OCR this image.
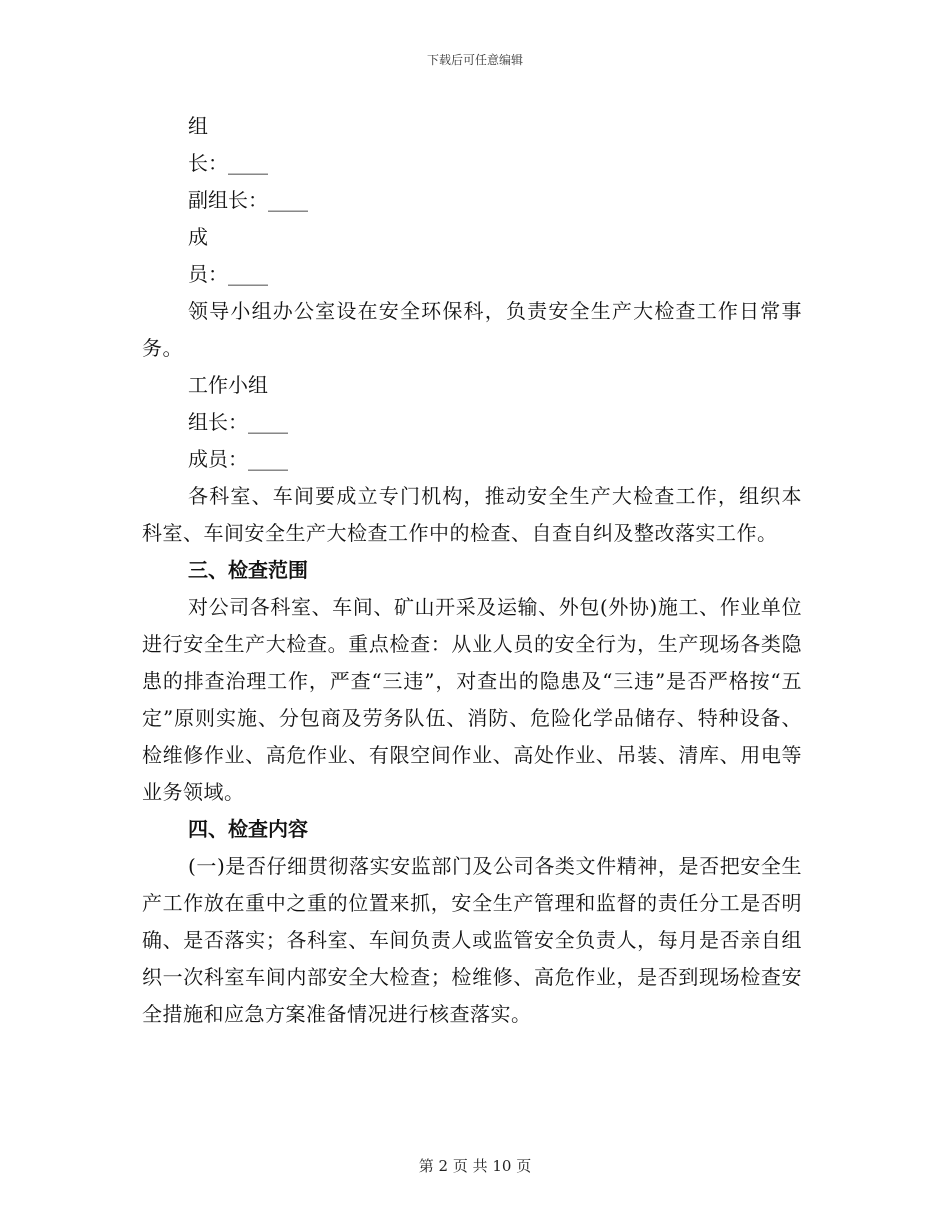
下载后可任意编辑

组

长：____

副组长：____

成

员：____

领导小组办公室设在安全环保科，负责安全生产大检查工作日常事务。

工作小组

组长：____

成员：____

各科室、车间要成立专门机构，推动安全生产大检查工作，组织本科室、车间安全生产大检查工作中的检查、自查自纠及整改落实工作。

三、检查范围

对公司各科室、车间、矿山开采及运输、外包(外协)施工、作业单位进行安全生产大检查。重点检查：从业人员的安全行为，生产现场各类隐患的排查治理工作，严查“三违”，对查出的隐患及“三违”是否严格按“五定”原则实施、分包商及劳务队伍、消防、危险化学品储存、特种设备、检维修作业、高危作业、有限空间作业、高处作业、吊装、清库、用电等业务领域。

四、检查内容

(一)是否仔细贯彻落实安监部门及公司各类文件精神，是否把安全生产工作放在重中之重的位置来抓，安全生产管理和监督的责任分工是否明确、是否落实；各科室、车间负责人或监管安全负责人，每月是否亲自组织一次科室车间内部安全大检查；检维修、高危作业，是否到现场检查安全措施和应急方案准备情况进行核查落实。

第 2 页 共 10 页
